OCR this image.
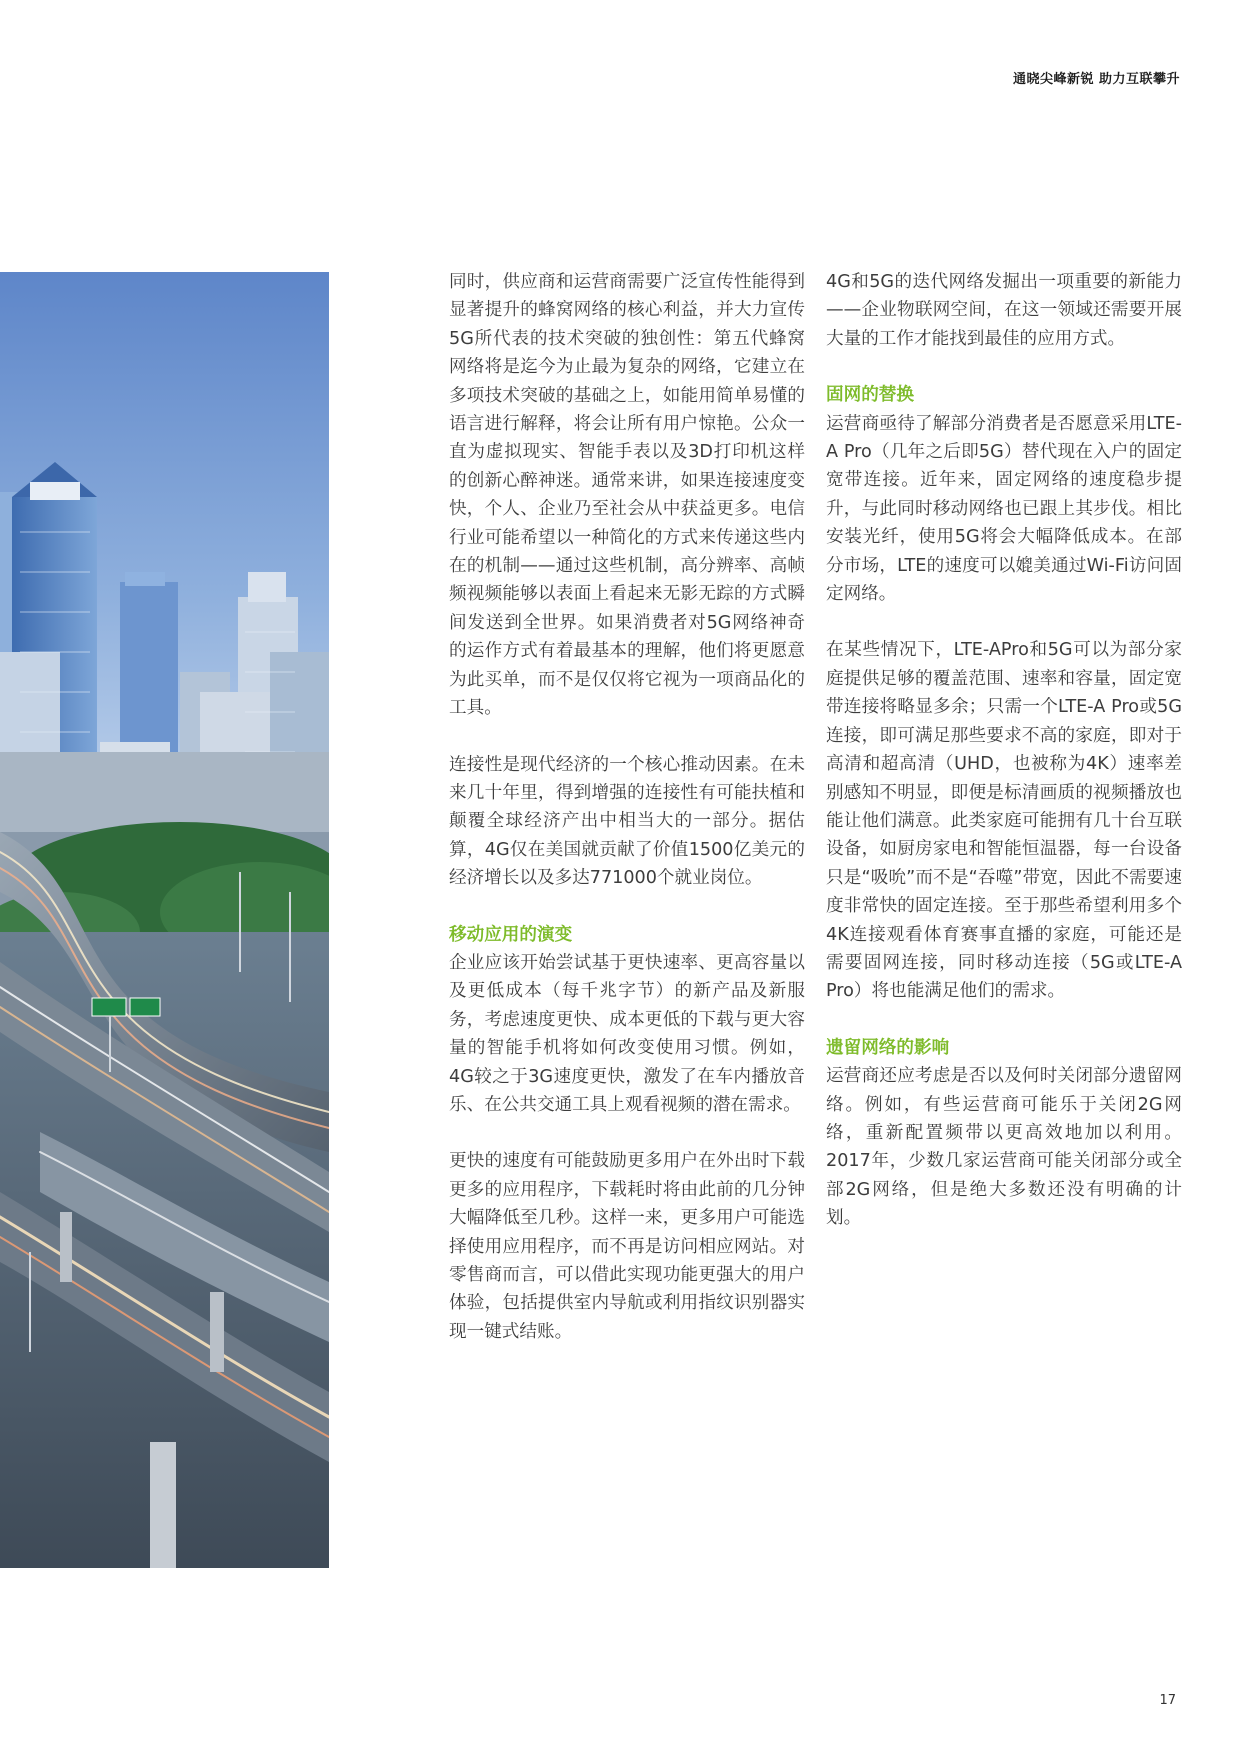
通晓尖峰新锐 助力互联攀升

同时，供应商和运营商需要广泛宣传性能得到显著提升的蜂窝网络的核心利益，并大力宣传5G所代表的技术突破的独创性：第五代蜂窝网络将是迄今为止最为复杂的网络，它建立在多项技术突破的基础之上，如能用简单易懂的语言进行解释，将会让所有用户惊艳。公众一直为虚拟现实、智能手表以及3D打印机这样的创新心醉神迷。通常来讲，如果连接速度变快，个人、企业乃至社会从中获益更多。电信行业可能希望以一种简化的方式来传递这些内在的机制——通过这些机制，高分辨率、高帧频视频能够以表面上看起来无影无踪的方式瞬间发送到全世界。如果消费者对5G网络神奇的运作方式有着最基本的理解，他们将更愿意为此买单，而不是仅仅将它视为一项商品化的工具。

连接性是现代经济的一个核心推动因素。在未来几十年里，得到增强的连接性有可能扶植和颠覆全球经济产出中相当大的一部分。据估算，4G仅在美国就贡献了价值1500亿美元的经济增长以及多达771000个就业岗位。

移动应用的演变

企业应该开始尝试基于更快速率、更高容量以及更低成本（每千兆字节）的新产品及新服务，考虑速度更快、成本更低的下载与更大容量的智能手机将如何改变使用习惯。例如，4G较之于3G速度更快，激发了在车内播放音乐、在公共交通工具上观看视频的潜在需求。

更快的速度有可能鼓励更多用户在外出时下载更多的应用程序，下载耗时将由此前的几分钟大幅降低至几秒。这样一来，更多用户可能选择使用应用程序，而不再是访问相应网站。对零售商而言，可以借此实现功能更强大的用户体验，包括提供室内导航或利用指纹识别器实现一键式结账。

4G和5G的迭代网络发掘出一项重要的新能力——企业物联网空间，在这一领域还需要开展大量的工作才能找到最佳的应用方式。

固网的替换

运营商亟待了解部分消费者是否愿意采用LTE-A Pro（几年之后即5G）替代现在入户的固定宽带连接。近年来，固定网络的速度稳步提升，与此同时移动网络也已跟上其步伐。相比安装光纤，使用5G将会大幅降低成本。在部分市场，LTE的速度可以媲美通过Wi-Fi访问固定网络。

在某些情况下，LTE-APro和5G可以为部分家庭提供足够的覆盖范围、速率和容量，固定宽带连接将略显多余；只需一个LTE-A Pro或5G连接，即可满足那些要求不高的家庭，即对于高清和超高清（UHD，也被称为4K）速率差别感知不明显，即便是标清画质的视频播放也能让他们满意。此类家庭可能拥有几十台互联设备，如厨房家电和智能恒温器，每一台设备只是“吸吮”而不是“吞噬”带宽，因此不需要速度非常快的固定连接。至于那些希望利用多个4K连接观看体育赛事直播的家庭，可能还是需要固网连接，同时移动连接（5G或LTE-A Pro）将也能满足他们的需求。

遗留网络的影响

运营商还应考虑是否以及何时关闭部分遗留网络。例如，有些运营商可能乐于关闭2G网络，重新配置频带以更高效地加以利用。2017年，少数几家运营商可能关闭部分或全部2G网络，但是绝大多数还没有明确的计划。

17
